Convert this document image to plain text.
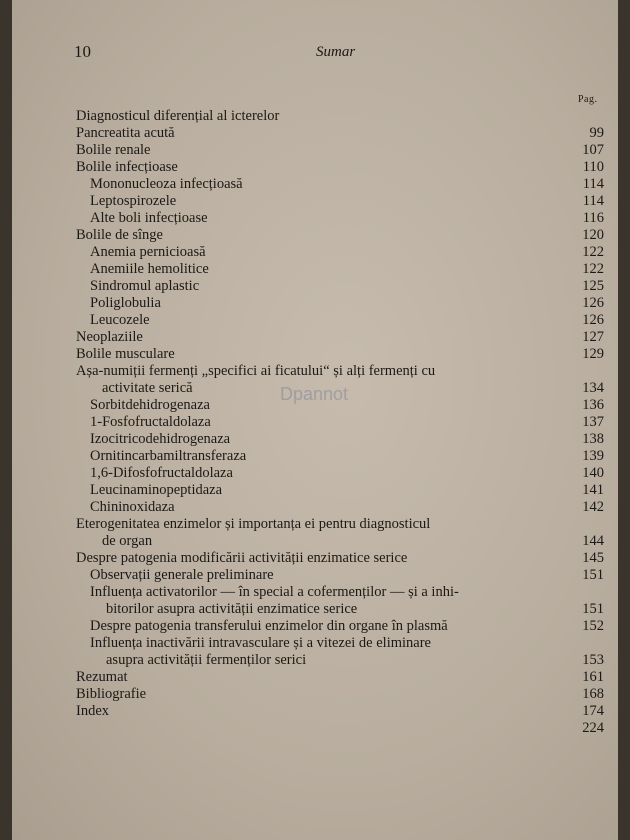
10	Sumar
Pag.
Dpannot
Diagnosticul diferențial al icterelor
Pancreatita acută	99
Bolile renale	107
Bolile infecțioase	110
Mononucleoza infecțioasă	114
Leptospirozele	114
Alte boli infecțioase	116
Bolile de sînge	120
Anemia pernicioasă	122
Anemiile hemolitice	122
Sindromul aplastic	125
Poliglobulia	126
Leucozele	126
Neoplaziile	127
Bolile musculare	129
Așa-numiții fermenți „specifici ai ficatului“ și alți fermenți cu
activitate serică	134
Sorbitdehidrogenaza	136
1-Fosfofructaldolaza	137
Izocitricodehidrogenaza	138
Ornitincarbamiltransferaza	139
1,6-Difosfofructaldolaza	140
Leucinaminopeptidaza	141
Chininoxidaza	142
Eterogenitatea enzimelor și importanța ei pentru diagnosticul
de organ	144
Despre patogenia modificării activității enzimatice serice	145
Observații generale preliminare	151
Influența activatorilor — în special a cofermenților — și a inhi-
bitorilor asupra activității enzimatice serice	151
Despre patogenia transferului enzimelor din organe în plasmă	152
Influența inactivării intravasculare și a vitezei de eliminare
asupra activității fermenților serici	153
Rezumat	161
Bibliografie	168
Index	174
224
